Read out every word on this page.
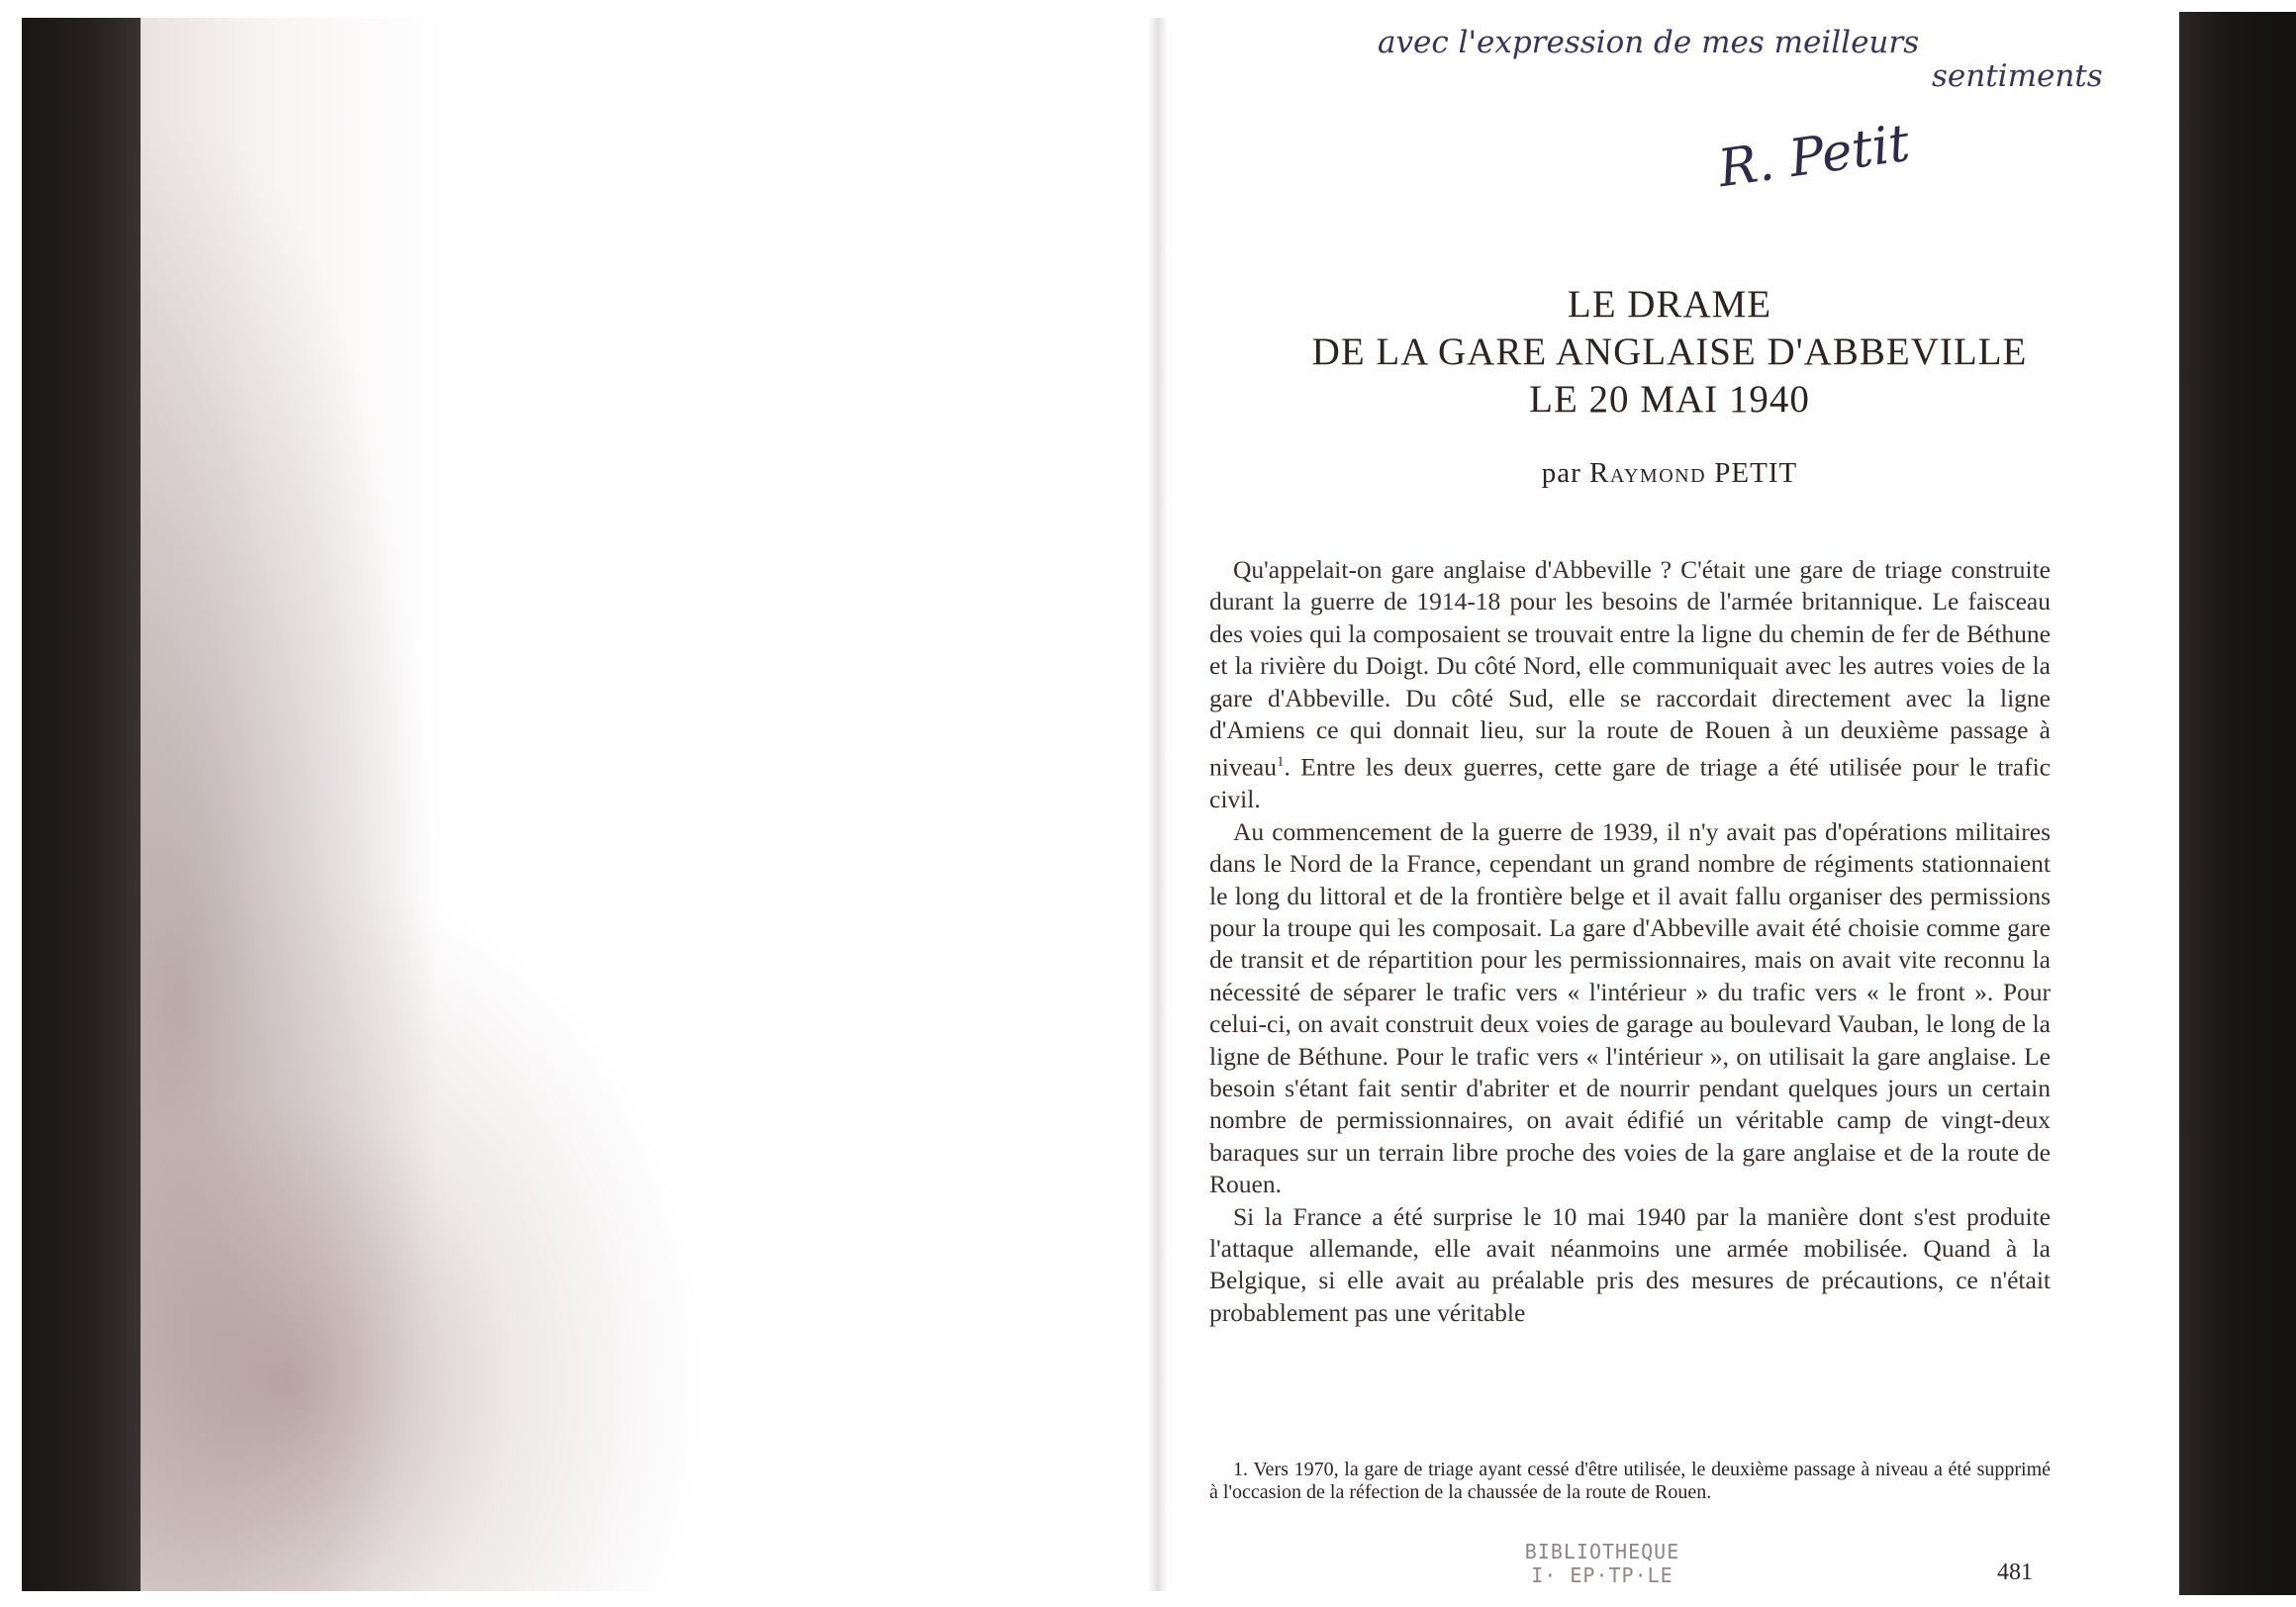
avec l'expression de mes meilleurs
sentiments
R. Petit
LE DRAME
DE LA GARE ANGLAISE D'ABBEVILLE
LE 20 MAI 1940
par Raymond PETIT

Qu'appelait-on gare anglaise d'Abbeville ? C'était une gare de triage construite durant la guerre de 1914-18 pour les besoins de l'armée britannique. Le faisceau des voies qui la composaient se trouvait entre la ligne du chemin de fer de Béthune et la rivière du Doigt. Du côté Nord, elle communiquait avec les autres voies de la gare d'Abbeville. Du côté Sud, elle se raccordait directement avec la ligne d'Amiens ce qui donnait lieu, sur la route de Rouen à un deuxième passage à niveau$^1$. Entre les deux guerres, cette gare de triage a été utilisée pour le trafic civil.

Au commencement de la guerre de 1939, il n'y avait pas d'opérations militaires dans le Nord de la France, cependant un grand nombre de régiments stationnaient le long du littoral et de la frontière belge et il avait fallu organiser des permissions pour la troupe qui les composait. La gare d'Abbeville avait été choisie comme gare de transit et de répartition pour les permissionnaires, mais on avait vite reconnu la nécessité de séparer le trafic vers « l'intérieur » du trafic vers « le front ». Pour celui-ci, on avait construit deux voies de garage au boulevard Vauban, le long de la ligne de Béthune. Pour le trafic vers « l'intérieur », on utilisait la gare anglaise. Le besoin s'étant fait sentir d'abriter et de nourrir pendant quelques jours un certain nombre de permissionnaires, on avait édifié un véritable camp de vingt-deux baraques sur un terrain libre proche des voies de la gare anglaise et de la route de Rouen.

Si la France a été surprise le 10 mai 1940 par la manière dont s'est produite l'attaque allemande, elle avait néanmoins une armée mobilisée. Quand à la Belgique, si elle avait au préalable pris des mesures de précautions, ce n'était probablement pas une véritable

1. Vers 1970, la gare de triage ayant cessé d'être utilisée, le deuxième passage à niveau a été supprimé à l'occasion de la réfection de la chaussée de la route de Rouen.

BIBLIOTHEQUE
I· EP·TP·LE	481
